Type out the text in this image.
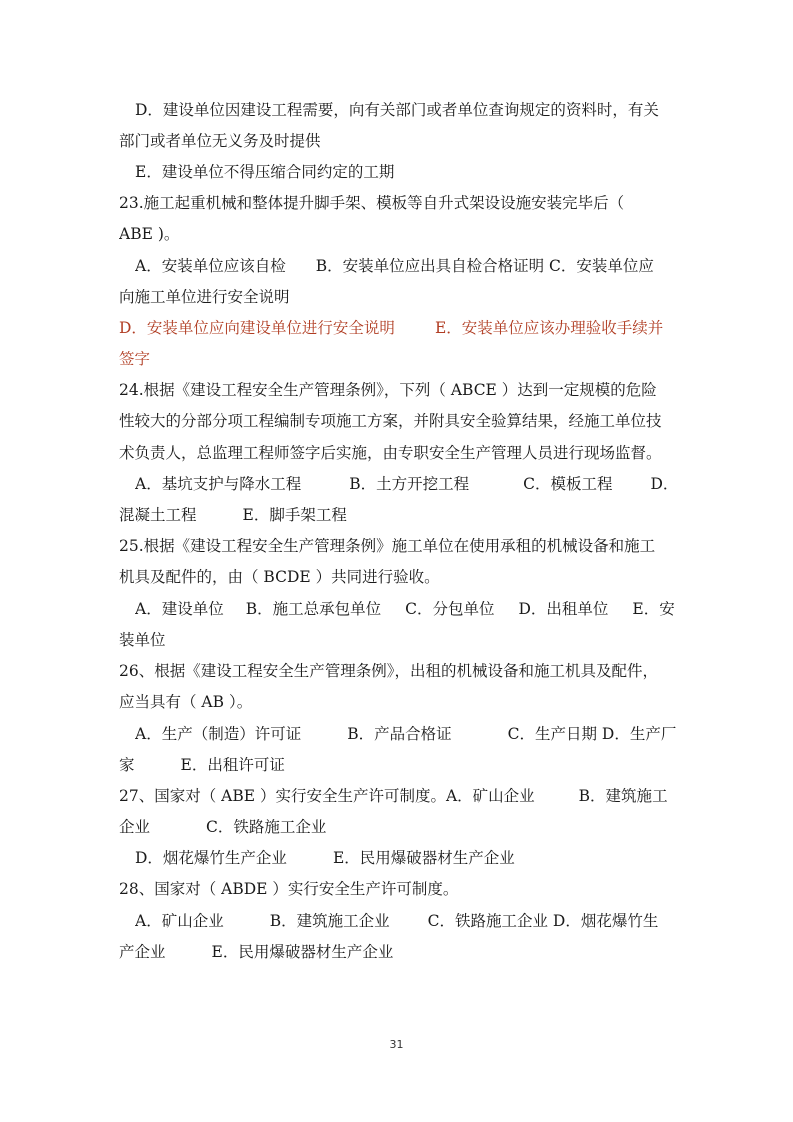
D．建设单位因建设工程需要，向有关部门或者单位查询规定的资料时，有关
部门或者单位无义务及时提供
E．建设单位不得压缩合同约定的工期
23.施工起重机械和整体提升脚手架、模板等自升式架设设施安装完毕后（
ABE )。
A．安装单位应该自检 B．安装单位应出具自检合格证明 C．安装单位应
向施工单位进行安全说明
D．安装单位应向建设单位进行安全说明	E．安装单位应该办理验收手续并
签字
24.根据《建设工程安全生产管理条例》，下列（ ABCE ）达到一定规模的危险
性较大的分部分项工程编制专项施工方案，并附具安全验算结果，经施工单位技
术负责人，总监理工程师签字后实施，由专职安全生产管理人员进行现场监督。
A．基坑支护与降水工程	B．土方开挖工程	C．模板工程 D．
混凝土工程	E．脚手架工程
25.根据《建设工程安全生产管理条例》施工单位在使用承租的机械设备和施工
机具及配件的，由（ BCDE ）共同进行验收。
A．建设单位 B．施工总承包单位 C．分包单位 D．出租单位 E．安
装单位
26、根据《建设工程安全生产管理条例》，出租的机械设备和施工机具及配件，
应当具有（ AB ）。
A．生产（制造）许可证	B．产品合格证	C．生产日期 D．生产厂
家	E．出租许可证
27、国家对（ ABE ）实行安全生产许可制度。A．矿山企业	B．建筑施工
企业	C．铁路施工企业
D．烟花爆竹生产企业	E．民用爆破器材生产企业
28、国家对（ ABDE ）实行安全生产许可制度。
A．矿山企业	B．建筑施工企业 C．铁路施工企业 D．烟花爆竹生
产企业	E．民用爆破器材生产企业
31
